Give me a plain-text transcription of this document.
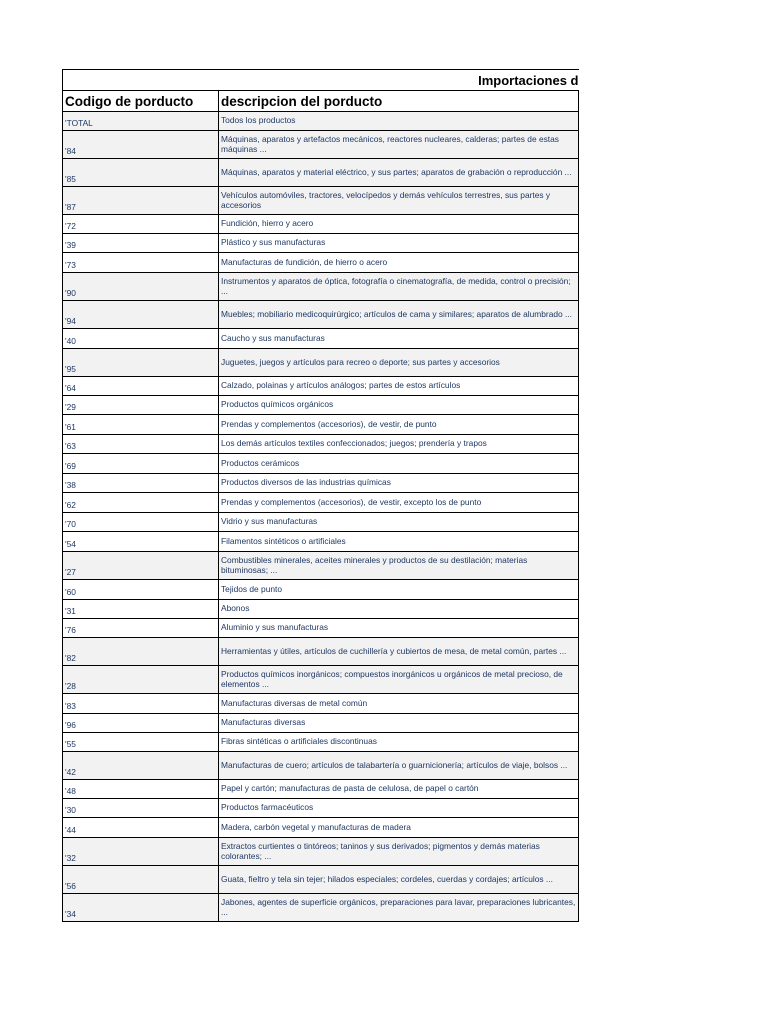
Importaciones d	
Codigo de porducto	descripcion del porducto
'TOTAL	Todos los productos
'84	Máquinas, aparatos y artefactos mecánicos, reactores nucleares, calderas; partes de estas máquinas ...
'85	Máquinas, aparatos y material eléctrico, y sus partes; aparatos de grabación o reproducción ...
'87	Vehículos automóviles, tractores, velocípedos y demás vehículos terrestres, sus partes y accesorios
'72	Fundición, hierro y acero
'39	Plástico y sus manufacturas
'73	Manufacturas de fundición, de hierro o acero
'90	Instrumentos y aparatos de óptica, fotografía o cinematografía, de medida, control o precisión; ...
'94	Muebles; mobiliario medicoquirúrgico; artículos de cama y similares; aparatos de alumbrado ...
'40	Caucho y sus manufacturas
'95	Juguetes, juegos y artículos para recreo o deporte; sus partes y accesorios
'64	Calzado, polainas y artículos análogos; partes de estos artículos
'29	Productos químicos orgánicos
'61	Prendas y complementos (accesorios), de vestir, de punto
'63	Los demás artículos textiles confeccionados; juegos; prendería y trapos
'69	Productos cerámicos
'38	Productos diversos de las industrias químicas
'62	Prendas y complementos (accesorios), de vestir, excepto los de punto
'70	Vidrio y sus manufacturas
'54	Filamentos sintéticos o artificiales
'27	Combustibles minerales, aceites minerales y productos de su destilación; materias bituminosas; ...
'60	Tejidos de punto
'31	Abonos
'76	Aluminio y sus manufacturas
'82	Herramientas y útiles, artículos de cuchillería y cubiertos de mesa, de metal común, partes ...
'28	Productos químicos inorgánicos; compuestos inorgánicos u orgánicos de metal precioso, de elementos ...
'83	Manufacturas diversas de metal común
'96	Manufacturas diversas
'55	Fibras sintéticas o artificiales discontinuas
'42	Manufacturas de cuero; artículos de talabartería o guarnicionería; artículos de viaje, bolsos ...
'48	Papel y cartón; manufacturas de pasta de celulosa, de papel o cartón
'30	Productos farmacéuticos
'44	Madera, carbón vegetal y manufacturas de madera
'32	Extractos curtientes o tintóreos; taninos y sus derivados; pigmentos y demás materias colorantes; ...
'56	Guata, fieltro y tela sin tejer; hilados especiales; cordeles, cuerdas y cordajes; artículos ...
'34	Jabones, agentes de superficie orgánicos, preparaciones para lavar, preparaciones lubricantes, ...
